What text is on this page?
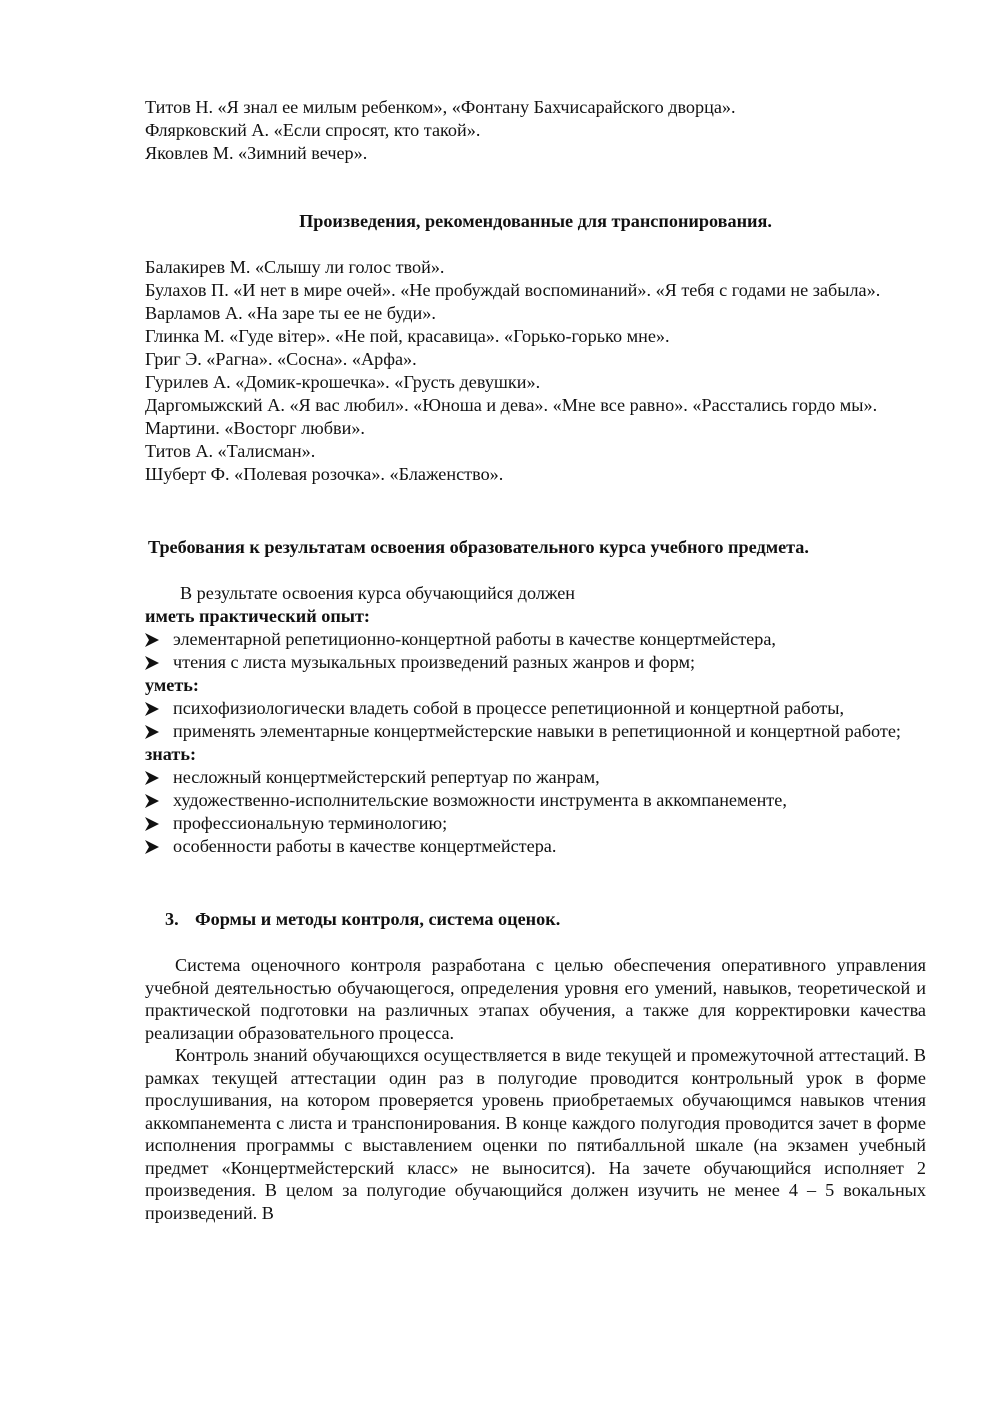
Титов Н. «Я знал ее милым ребенком», «Фонтану Бахчисарайского дворца».
Флярковский А. «Если спросят, кто такой».
Яковлев М. «Зимний вечер».
Произведения, рекомендованные для транспонирования.
Балакирев М. «Слышу ли голос твой».
Булахов П. «И нет в мире очей». «Не пробуждай воспоминаний». «Я тебя с годами не забыла».
Варламов А. «На заре ты ее не буди».
Глинка М. «Гуде вітер». «Не пой, красавица». «Горько-горько мне».
Григ Э. «Рагна». «Сосна». «Арфа».
Гурилев А. «Домик-крошечка». «Грусть девушки».
Даргомыжский А. «Я вас любил». «Юноша и дева». «Мне все равно». «Расстались гордо мы».
Мартини. «Восторг любви».
Титов А. «Талисман».
Шуберт Ф. «Полевая розочка». «Блаженство».
Требования к результатам освоения образовательного курса учебного предмета.
В результате освоения курса обучающийся должен
иметь практический опыт:
элементарной репетиционно-концертной работы в качестве концертмейстера,
чтения с листа музыкальных произведений разных жанров и форм;
уметь:
психофизиологически владеть собой в процессе репетиционной и концертной работы,
применять элементарные концертмейстерские навыки в репетиционной и концертной работе;
знать:
несложный концертмейстерский репертуар по жанрам,
художественно-исполнительские возможности инструмента в аккомпанементе,
профессиональную терминологию;
особенности работы в качестве концертмейстера.
3. Формы и методы контроля, система оценок.

Система оценочного контроля разработана с целью обеспечения оперативного управления учебной деятельностью обучающегося, определения уровня его умений, навыков, теоретической и практической подготовки на различных этапах обучения, а также для корректировки качества реализации образовательного процесса.

Контроль знаний обучающихся осуществляется в виде текущей и промежуточной аттестаций. В рамках текущей аттестации один раз в полугодие проводится контрольный урок в форме прослушивания, на котором проверяется уровень приобретаемых обучающимся навыков чтения аккомпанемента с листа и транспонирования. В конце каждого полугодия проводится зачет в форме исполнения программы с выставлением оценки по пятибалльной шкале (на экзамен учебный предмет «Концертмейстерский класс» не выносится). На зачете обучающийся исполняет 2 произведения. В целом за полугодие обучающийся должен изучить не менее 4 – 5 вокальных произведений. В
